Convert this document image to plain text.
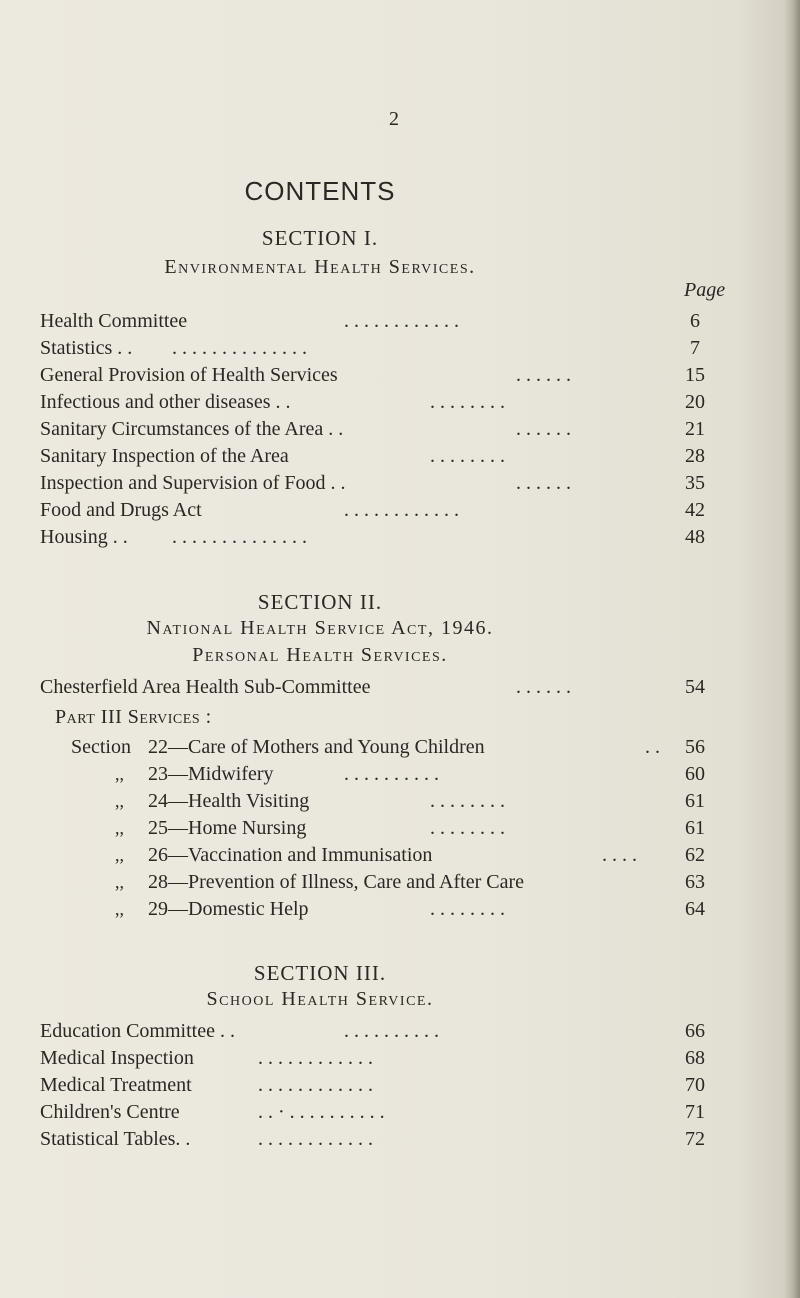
2
CONTENTS
SECTION I.
Environmental Health Services.
Page
Health Committee	. . . . . . . . . . . .	6
Statistics . . . . . . . . . . . . . . . .	7
General Provision of Health Services	. . . . . .	15
Infectious and other diseases . .	. . . . . . . .	20
Sanitary Circumstances of the Area . .	. . . . . .	21
Sanitary Inspection of the Area	. . . . . . . .	28
Inspection and Supervision of Food . .	. . . . . .	35
Food and Drugs Act	. . . . . . . . . . . .	42
Housing . . . . . . . . . . . . . . . .	48
SECTION II.
National Health Service Act, 1946.
Personal Health Services.
Chesterfield Area Health Sub-Committee	. . . . . .	54
Part III Services :
Section 22—Care of Mothers and Young Children	. . 56
,, 23—Midwifery	. . . . . . . . . .	60
,, 24—Health Visiting	. . . . . . . .	61
,, 25—Home Nursing	. . . . . . . .	61
,, 26—Vaccination and Immunisation	. . . . 62
,, 28—Prevention of Illness, Care and After Care	63
,, 29—Domestic Help	. . . . . . . .	64
SECTION III.
School Health Service.
Education Committee . .	. . . . . . . . . .	66
Medical Inspection	. . . . . . . . . . . .	68
Medical Treatment	. . . . . . . . . . . .	70
Children's Centre	. . · . . . . . . . . . .	71
Statistical Tables. .	. . . . . . . . . . . .	72
